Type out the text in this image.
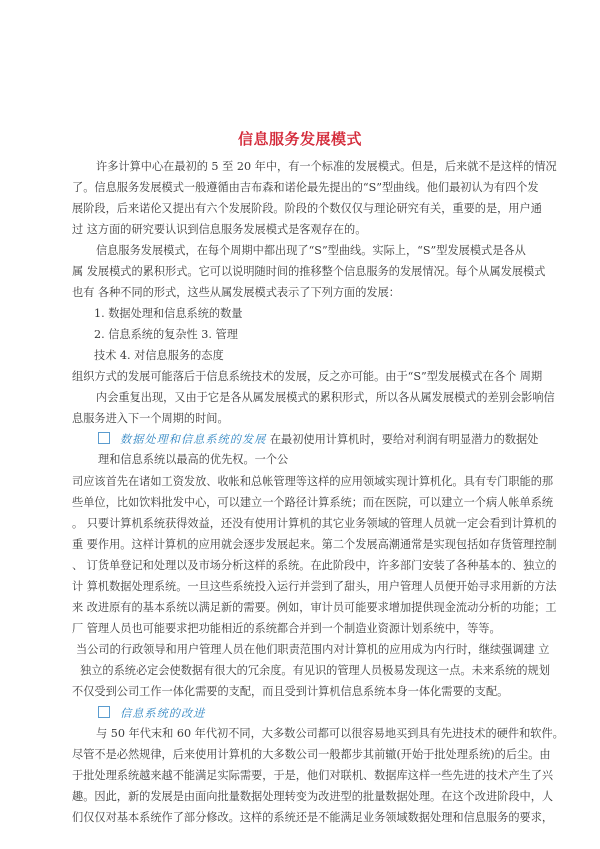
信息服务发展模式
许多计算中心在最初的 5 至 20 年中，有一个标准的发展模式。但是，后来就不是这样的情况
了。信息服务发展模式一般遵循由吉布森和诺伦最先提出的“S”型曲线。他们最初认为有四个发
展阶段，后来诺伦又提出有六个发展阶段。阶段的个数仅仅与理论研究有关，重要的是，用户通
过 这方面的研究要认识到信息服务发展模式是客观存在的。
信息服务发展模式，在每个周期中都出现了“S”型曲线。实际上，“S”型发展模式是各从
属 发展模式的累积形式。它可以说明随时间的推移整个信息服务的发展情况。每个从属发展模式
也有 各种不同的形式，这些从属发展模式表示了下列方面的发展：
1. 数据处理和信息系统的数量
2. 信息系统的复杂性 3. 管理
技术 4. 对信息服务的态度
组织方式的发展可能落后于信息系统技术的发展，反之亦可能。由于“S”型发展模式在各个 周期
内会重复出现，又由于它是各从属发展模式的累积形式，所以各从属发展模式的差别会影响信
息服务进入下一个周期的时间。
司应该首先在诸如工资发放、收帐和总帐管理等这样的应用领域实现计算机化。具有专门职能的那
些单位，比如饮料批发中心，可以建立一个路径计算系统；而在医院，可以建立一个病人帐单系统
。 只要计算机系统获得效益，还没有使用计算机的其它业务领域的管理人员就一定会看到计算机的
重 要作用。这样计算机的应用就会逐步发展起来。第二个发展高潮通常是实现包括如存货管理控制
、 订货单登记和处理以及市场分析这样的系统。在此阶段中，许多部门安装了各种基本的、独立的
计 算机数据处理系统。一旦这些系统投入运行并尝到了甜头，用户管理人员便开始寻求用新的方法
来 改进原有的基本系统以满足新的需要。例如，审计员可能要求增加提供现金流动分析的功能；工
厂 管理人员也可能要求把功能相近的系统都合并到一个制造业资源计划系统中，等等。
当公司的行政领导和用户管理人员在他们职责范围内对计算机的应用成为内行时，继续强调建 立
独立的系统必定会使数据有很大的冗余度。有见识的管理人员极易发现这一点。未来系统的规划
不仅受到公司工作一体化需要的支配，而且受到计算机信息系统本身一体化需要的支配。
与 50 年代末和 60 年代初不同，大多数公司都可以很容易地买到具有先进技术的硬件和软件。
尽管不是必然规律，后来使用计算机的大多数公司一般都步其前辙(开始于批处理系统)的后尘。由
于批处理系统越来越不能满足实际需要，于是，他们对联机、数据库这样一些先进的技术产生了兴
趣。因此，新的发展是由面向批量数据处理转变为改进型的批量数据处理。在这个改进阶段中，人
们仅仅对基本系统作了部分修改。这样的系统还是不能满足业务领域数据处理和信息服务的要求，
数据处理和信息系统的发展 在最初使用计算机时，要给对利润有明显潜力的数据处
理和信息系统以最高的优先权。一个公
信息系统的改进
